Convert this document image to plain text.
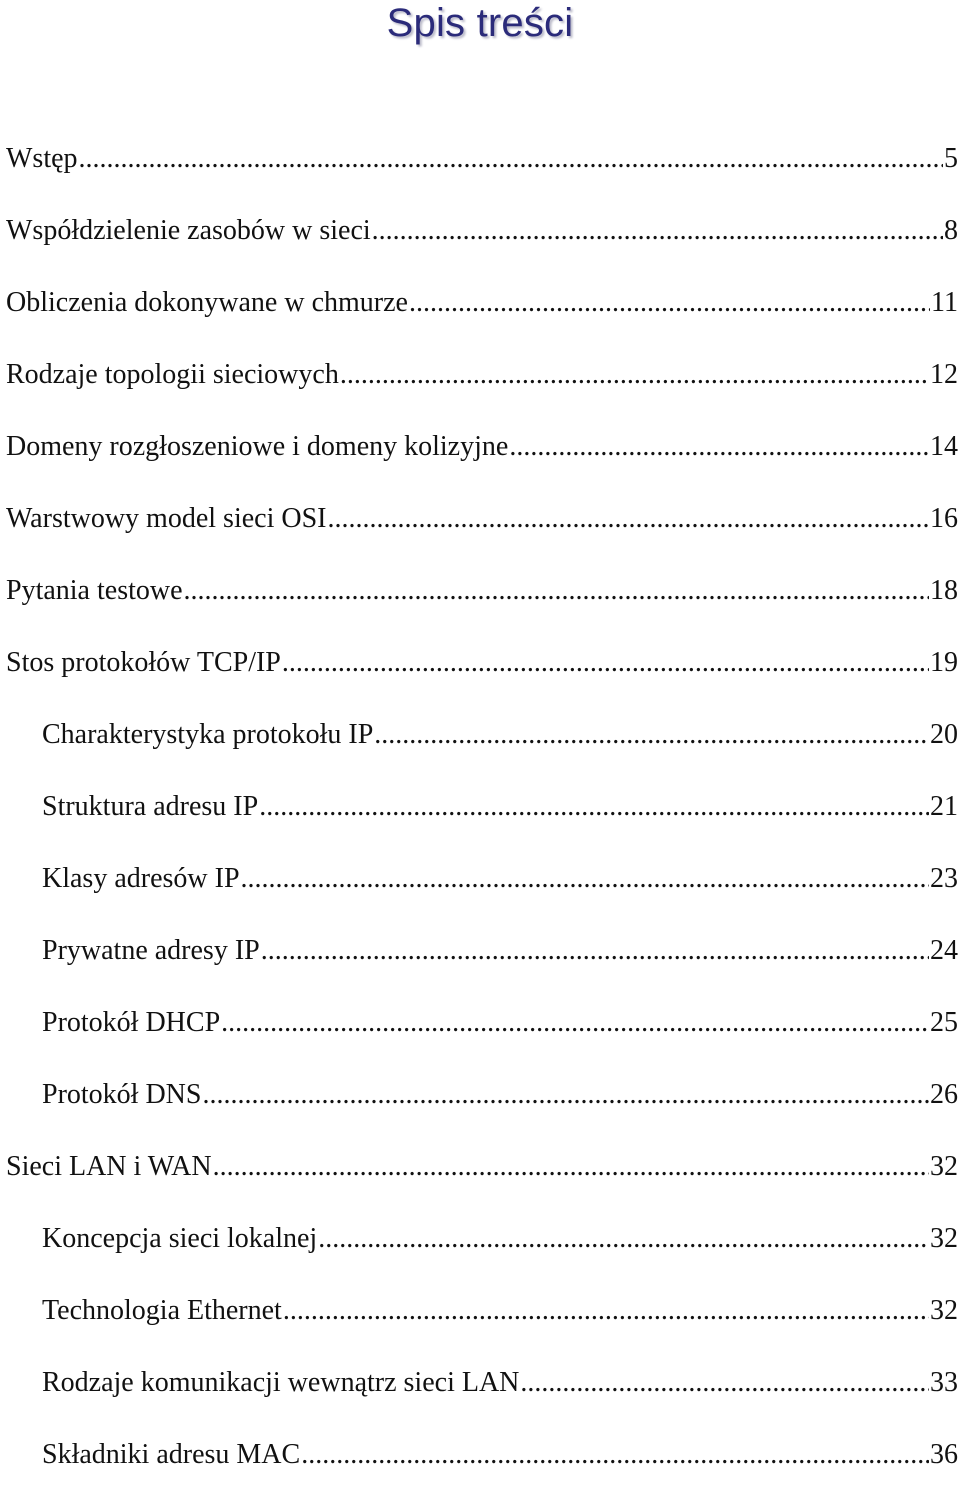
Spis treści
Wstęp .....	5
Współdzielenie zasobów w sieci .....	8
Obliczenia dokonywane w chmurze .....	11
Rodzaje topologii sieciowych .....	12
Domeny rozgłoszeniowe i domeny kolizyjne .....	14
Warstwowy model sieci OSI .....	16
Pytania testowe .....	18
Stos protokołów TCP/IP .....	19
Charakterystyka protokołu IP .....	20
Struktura adresu IP .....	21
Klasy adresów IP .....	23
Prywatne adresy IP .....	24
Protokół DHCP .....	25
Protokół DNS .....	26
Sieci LAN i WAN .....	32
Koncepcja sieci lokalnej .....	32
Technologia Ethernet .....	32
Rodzaje komunikacji wewnątrz sieci LAN .....	33
Składniki adresu MAC .....	36
